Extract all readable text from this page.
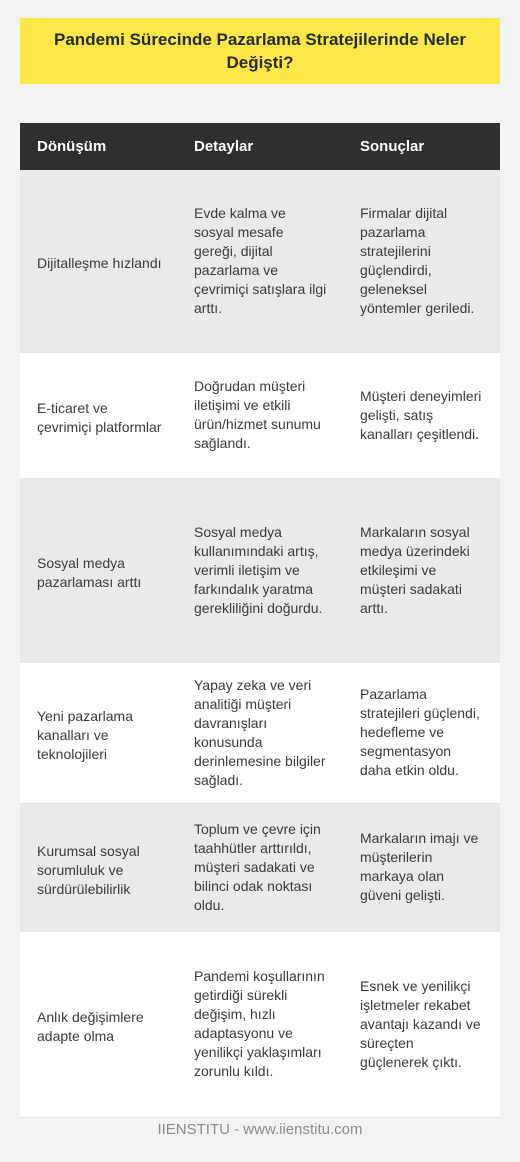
Pandemi Sürecinde Pazarlama Stratejilerinde Neler Değişti?
Dönüşüm	Detaylar	Sonuçlar
Dijitalleşme hızlandı	Evde kalma ve sosyal mesafe gereği, dijital pazarlama ve çevrimiçi satışlara ilgi arttı.	Firmalar dijital pazarlama stratejilerini güçlendirdi, geleneksel yöntemler geriledi.
E-ticaret ve çevrimiçi platformlar	Doğrudan müşteri iletişimi ve etkili ürün/hizmet sunumu sağlandı.	Müşteri deneyimleri gelişti, satış kanalları çeşitlendi.
Sosyal medya pazarlaması arttı	Sosyal medya kullanımındaki artış, verimli iletişim ve farkındalık yaratma gerekliliğini doğurdu.	Markaların sosyal medya üzerindeki etkileşimi ve müşteri sadakati arttı.
Yeni pazarlama kanalları ve teknolojileri	Yapay zeka ve veri analitiği müşteri davranışları konusunda derinlemesine bilgiler sağladı.	Pazarlama stratejileri güçlendi, hedefleme ve segmentasyon daha etkin oldu.
Kurumsal sosyal sorumluluk ve sürdürülebilirlik	Toplum ve çevre için taahhütler arttırıldı, müşteri sadakati ve bilinci odak noktası oldu.	Markaların imajı ve müşterilerin markaya olan güveni gelişti.
Anlık değişimlere adapte olma	Pandemi koşullarının getirdiği sürekli değişim, hızlı adaptasyonu ve yenilikçi yaklaşımları zorunlu kıldı.	Esnek ve yenilikçi işletmeler rekabet avantajı kazandı ve süreçten güçlenerek çıktı.
IIENSTITU - www.iienstitu.com
